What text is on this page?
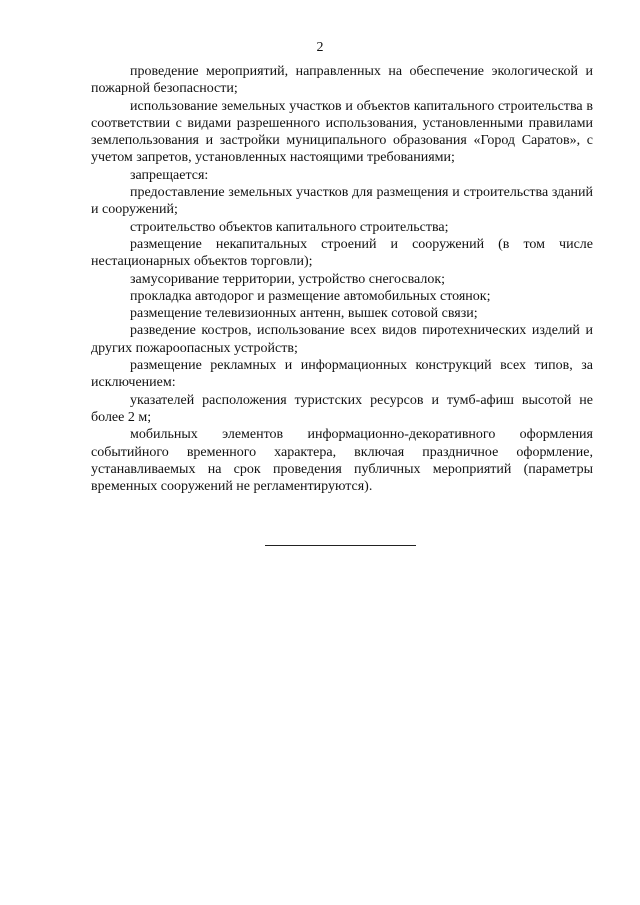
2

проведение мероприятий, направленных на обеспечение экологической и пожарной безопасности;

использование земельных участков и объектов капитального строительства в соответствии с видами разрешенного использования, установленными правилами землепользования и застройки муниципального образования «Город Саратов», с учетом запретов, установленных настоящими требованиями;

запрещается:

предоставление земельных участков для размещения и строительства зданий и сооружений;

строительство объектов капитального строительства;

размещение некапитальных строений и сооружений (в том числе нестационарных объектов торговли);

замусоривание территории, устройство снегосвалок;

прокладка автодорог и размещение автомобильных стоянок;

размещение телевизионных антенн, вышек сотовой связи;

разведение костров, использование всех видов пиротехнических изделий и других пожароопасных устройств;

размещение рекламных и информационных конструкций всех типов, за исключением:

указателей расположения туристских ресурсов и тумб-афиш высотой не более 2 м;

мобильных элементов информационно-декоративного оформления событийного временного характера, включая праздничное оформление, устанавливаемых на срок проведения публичных мероприятий (параметры временных сооружений не регламентируются).
